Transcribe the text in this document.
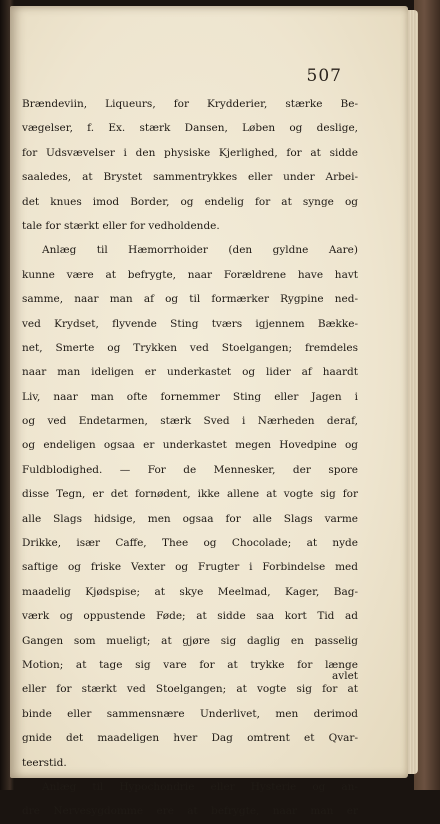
507
Brændeviin, Liqueurs, for Krydderier, stærke Be-
vægelser, f. Ex. stærk Dansen, Løben og deslige,
for Udsvævelser i den physiske Kjerlighed, for at sidde
saaledes, at Brystet sammentrykkes eller under Arbei-
det knues imod Border, og endelig for at synge og
tale for stærkt eller for vedholdende.
Anlæg til Hæmorrhoider (den gyldne Aare)
kunne være at befrygte, naar Forældrene have havt
samme, naar man af og til formærker Rygpine ned-
ved Krydset, flyvende Sting tværs igjennem Bække-
net, Smerte og Trykken ved Stoelgangen; fremdeles
naar man ideligen er underkastet og lider af haardt
Liv, naar man ofte fornemmer Sting eller Jagen i
og ved Endetarmen, stærk Sved i Nærheden deraf,
og endeligen ogsaa er underkastet megen Hovedpine og
Fuldblodighed. — For de Mennesker, der spore
disse Tegn, er det fornødent, ikke allene at vogte sig for
alle Slags hidsige, men ogsaa for alle Slags varme
Drikke, især Caffe, Thee og Chocolade; at nyde
saftige og friske Vexter og Frugter i Forbindelse med
maadelig Kjødspise; at skye Meelmad, Kager, Bag-
værk og oppustende Føde; at sidde saa kort Tid ad
Gangen som mueligt; at gjøre sig daglig en passelig
Motion; at tage sig vare for at trykke for længe
eller for stærkt ved Stoelgangen; at vogte sig for at
binde eller sammensnære Underlivet, men derimod
gnide det maadeligen hver Dag omtrent et Qvar-
teerstid.
Anlæg til Hypochondrie eller Hysterie og an-
dre Nervesygdomme ere at befrygte, naar man er
avlet
